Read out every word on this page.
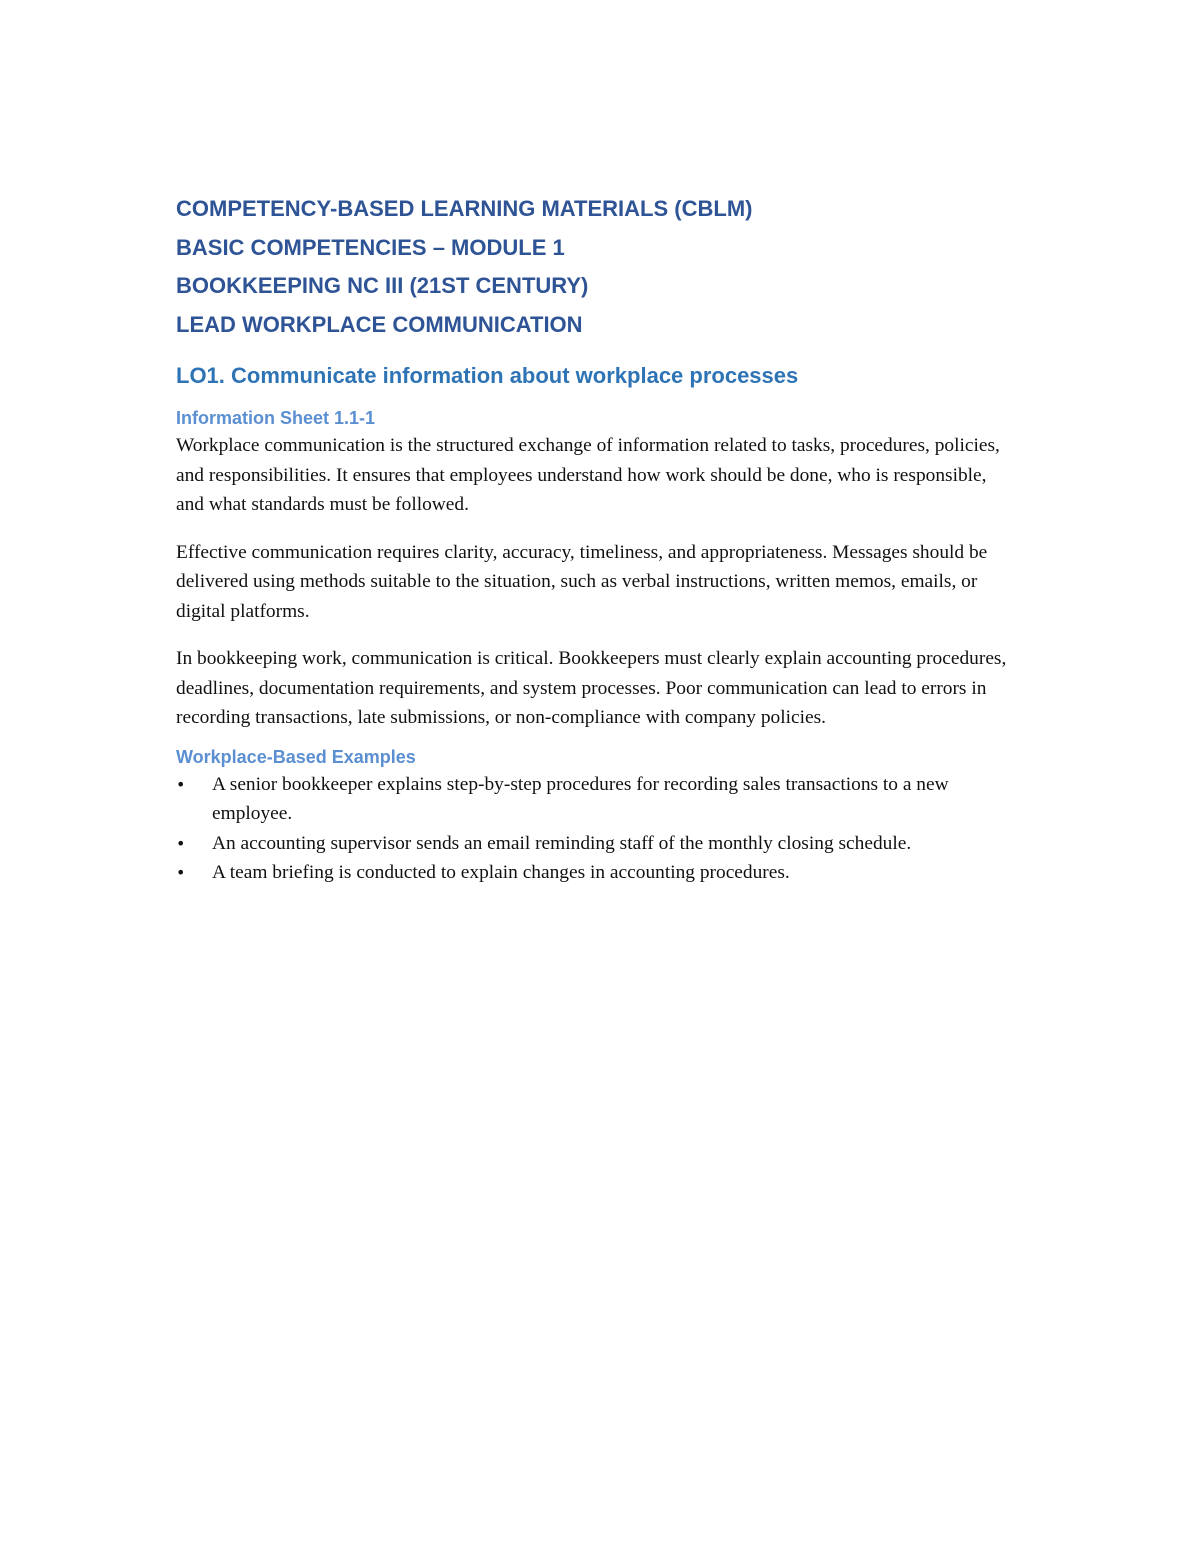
COMPETENCY-BASED LEARNING MATERIALS (CBLM)

BASIC COMPETENCIES – MODULE 1

BOOKKEEPING NC III (21ST CENTURY)

LEAD WORKPLACE COMMUNICATION

LO1. Communicate information about workplace processes
Information Sheet 1.1-1

Workplace communication is the structured exchange of information related to tasks, procedures, policies, and responsibilities. It ensures that employees understand how work should be done, who is responsible, and what standards must be followed.

Effective communication requires clarity, accuracy, timeliness, and appropriateness. Messages should be delivered using methods suitable to the situation, such as verbal instructions, written memos, emails, or digital platforms.

In bookkeeping work, communication is critical. Bookkeepers must clearly explain accounting procedures, deadlines, documentation requirements, and system processes. Poor communication can lead to errors in recording transactions, late submissions, or non-compliance with company policies.

Workplace-Based Examples
• A senior bookkeeper explains step-by-step procedures for recording sales transactions to a new employee.
• An accounting supervisor sends an email reminding staff of the monthly closing schedule.
• A team briefing is conducted to explain changes in accounting procedures.
